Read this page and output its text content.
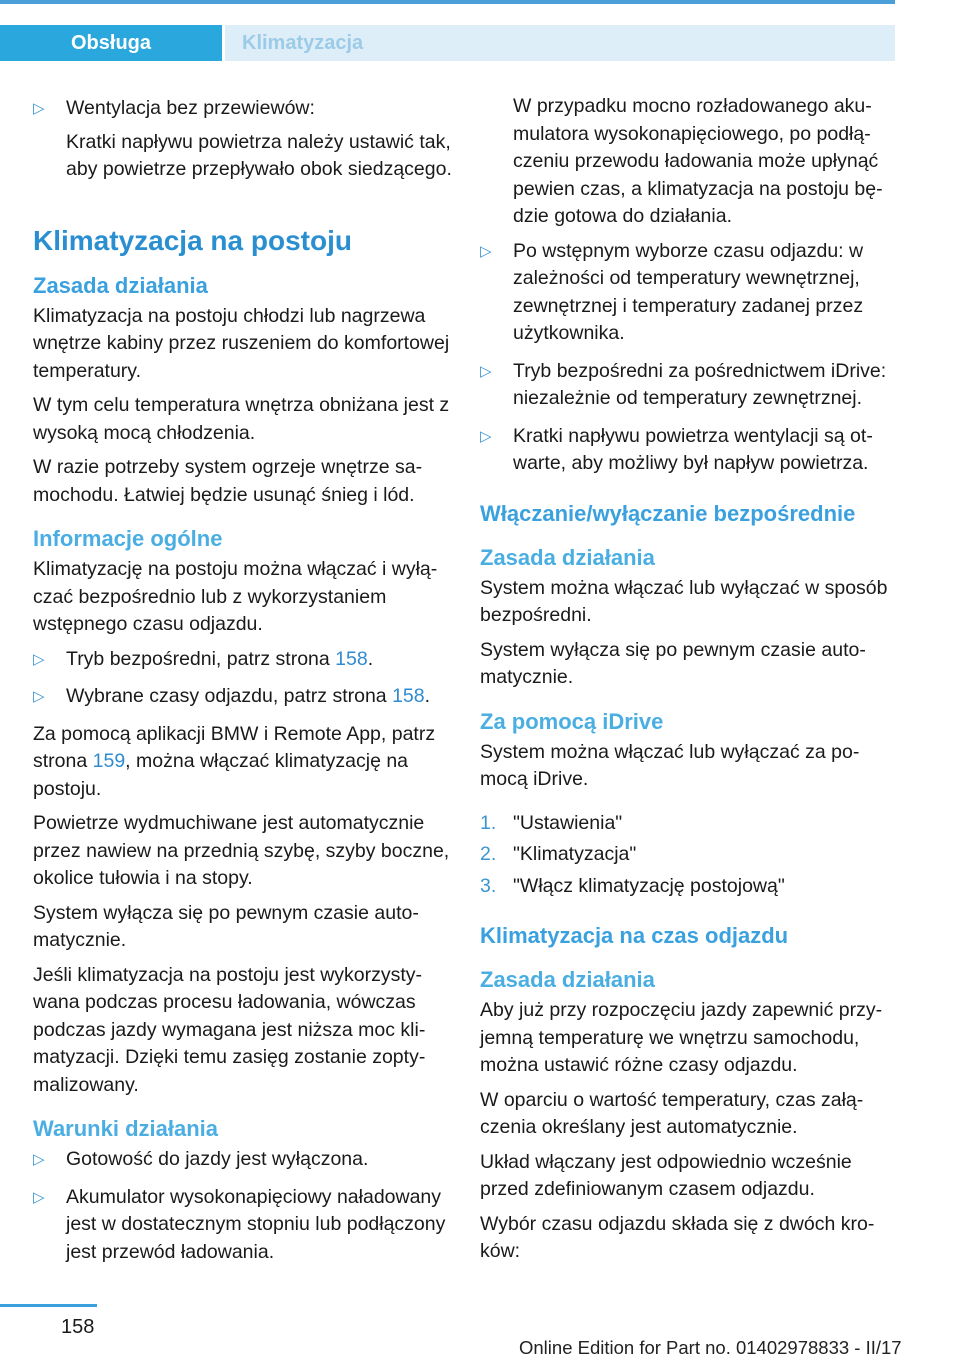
Obsługa	Klimatyzacja
▷ Wentylacja bez przewiewów:
Kratki napływu powietrza należy ustawić tak, aby powietrze przepływało obok siedzącego.
Klimatyzacja na postoju
Zasada działania

Klimatyzacja na postoju chłodzi lub nagrzewa wnętrze kabiny przez ruszeniem do komfortowej temperatury.

W tym celu temperatura wnętrza obniżana jest z wysoką mocą chłodzenia.

W razie potrzeby system ogrzeje wnętrze samochodu. Łatwiej będzie usunąć śnieg i lód.

Informacje ogólne

Klimatyzację na postoju można włączać i wyłączać bezpośrednio lub z wykorzystaniem wstępnego czasu odjazdu.

▷ Tryb bezpośredni, patrz strona 158.
▷ Wybrane czasy odjazdu, patrz strona 158.

Za pomocą aplikacji BMW i Remote App, patrz strona 159, można włączać klimatyzację na postoju.

Powietrze wydmuchiwane jest automatycznie przez nawiew na przednią szybę, szyby boczne, okolice tułowia i na stopy.

System wyłącza się po pewnym czasie automatycznie.

Jeśli klimatyzacja na postoju jest wykorzystywana podczas procesu ładowania, wówczas podczas jazdy wymagana jest niższa moc klimatyzacji. Dzięki temu zasięg zostanie zoptymalizowany.

Warunki działania
▷ Gotowość do jazdy jest wyłączona.
▷ Akumulator wysokonapięciowy naładowany jest w dostatecznym stopniu lub podłączony jest przewód ładowania.

W przypadku mocno rozładowanego akumulatora wysokonapięciowego, po podłączeniu przewodu ładowania może upłynąć pewien czas, a klimatyzacja na postoju będzie gotowa do działania.

▷ Po wstępnym wyborze czasu odjazdu: w zależności od temperatury wewnętrznej, zewnętrznej i temperatury zadanej przez użytkownika.
▷ Tryb bezpośredni za pośrednictwem iDrive: niezależnie od temperatury zewnętrznej.
▷ Kratki napływu powietrza wentylacji są otwarte, aby możliwy był napływ powietrza.
Włączanie/wyłączanie bezpośrednie
Zasada działania

System można włączać lub wyłączać w sposób bezpośredni.

System wyłącza się po pewnym czasie automatycznie.

Za pomocą iDrive

System można włączać lub wyłączać za pomocą iDrive.

1. "Ustawienia"
2. "Klimatyzacja"
3. "Włącz klimatyzację postojową"
Klimatyzacja na czas odjazdu
Zasada działania

Aby już przy rozpoczęciu jazdy zapewnić przyjemną temperaturę we wnętrzu samochodu, można ustawić różne czasy odjazdu.

W oparciu o wartość temperatury, czas załączenia określany jest automatycznie.

Układ włączany jest odpowiednio wcześnie przed zdefiniowanym czasem odjazdu.

Wybór czasu odjazdu składa się z dwóch kroków:

158
Online Edition for Part no. 01402978833 - II/17
